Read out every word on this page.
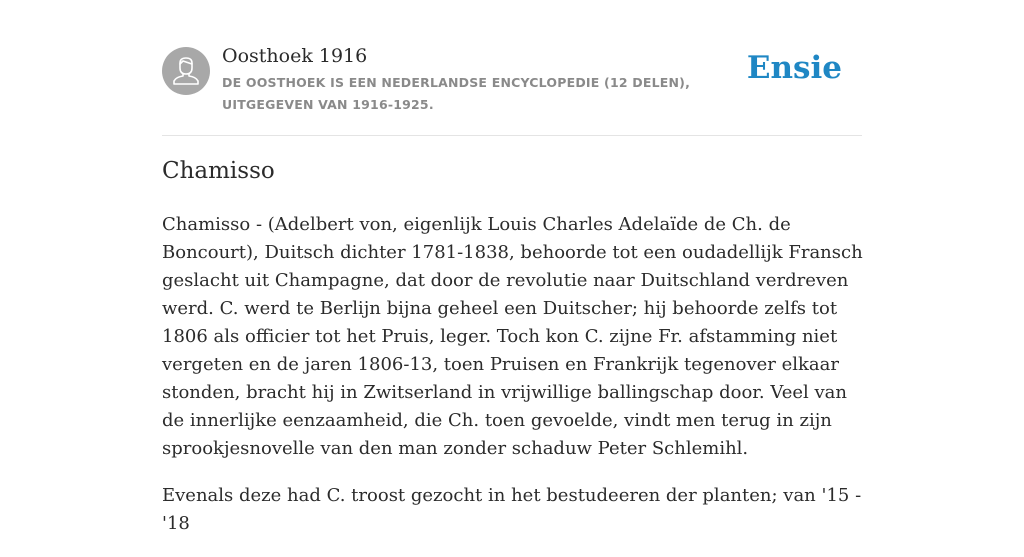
Oosthoek 1916
DE OOSTHOEK IS EEN NEDERLANDSE ENCYCLOPEDIE (12 DELEN), UITGEGEVEN VAN 1916-1925.
Ensie
Chamisso

Chamisso - (Adelbert von, eigenlijk Louis Charles Adelaïde de Ch. de Boncourt), Duitsch dichter 1781-1838, behoorde tot een oudadellijk Fransch geslacht uit Champagne, dat door de revolutie naar Duitschland verdreven werd. C. werd te Berlijn bijna geheel een Duitscher; hij behoorde zelfs tot 1806 als officier tot het Pruis, leger. Toch kon C. zijne Fr. afstamming niet vergeten en de jaren 1806-13, toen Pruisen en Frankrijk tegenover elkaar stonden, bracht hij in Zwitserland in vrijwillige ballingschap door. Veel van de innerlijke eenzaamheid, die Ch. toen gevoelde, vindt men terug in zijn sprookjesnovelle van den man zonder schaduw Peter Schlemihl.

Evenals deze had C. troost gezocht in het bestudeeren der planten; van '15 -'18
